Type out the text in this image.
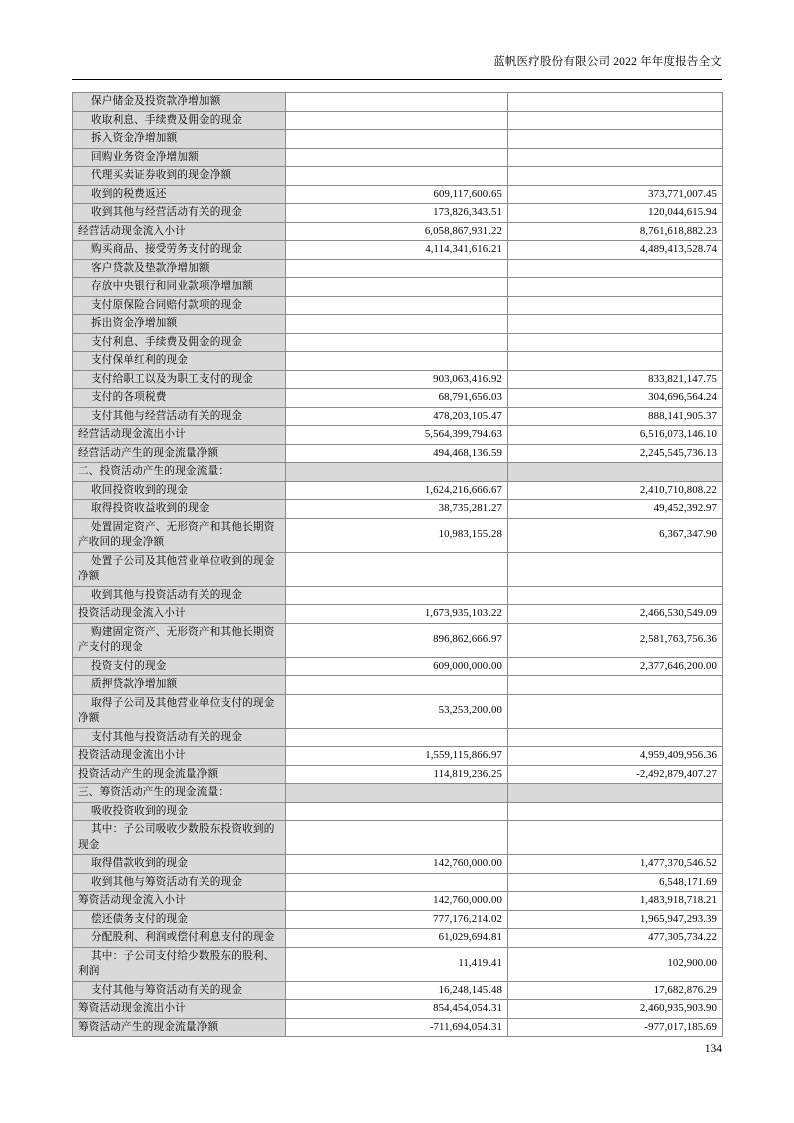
蓝帆医疗股份有限公司 2022 年年度报告全文
保户储金及投资款净增加额		
收取利息、手续费及佣金的现金		
拆入资金净增加额		
回购业务资金净增加额		
代理买卖证券收到的现金净额		
收到的税费返还	609,117,600.65	373,771,007.45
收到其他与经营活动有关的现金	173,826,343.51	120,044,615.94
经营活动现金流入小计	6,058,867,931.22	8,761,618,882.23
购买商品、接受劳务支付的现金	4,114,341,616.21	4,489,413,528.74
客户贷款及垫款净增加额		
存放中央银行和同业款项净增加额		
支付原保险合同赔付款项的现金		
拆出资金净增加额		
支付利息、手续费及佣金的现金		
支付保单红利的现金		
支付给职工以及为职工支付的现金	903,063,416.92	833,821,147.75
支付的各项税费	68,791,656.03	304,696,564.24
支付其他与经营活动有关的现金	478,203,105.47	888,141,905.37
经营活动现金流出小计	5,564,399,794.63	6,516,073,146.10
经营活动产生的现金流量净额	494,468,136.59	2,245,545,736.13
二、投资活动产生的现金流量：		
收回投资收到的现金	1,624,216,666.67	2,410,710,808.22
取得投资收益收到的现金	38,735,281.27	49,452,392.97
处置固定资产、无形资产和其他长期资产收回的现金净额	10,983,155.28	6,367,347.90
处置子公司及其他营业单位收到的现金净额		
收到其他与投资活动有关的现金		
投资活动现金流入小计	1,673,935,103.22	2,466,530,549.09
购建固定资产、无形资产和其他长期资产支付的现金	896,862,666.97	2,581,763,756.36
投资支付的现金	609,000,000.00	2,377,646,200.00
质押贷款净增加额		
取得子公司及其他营业单位支付的现金净额	53,253,200.00	
支付其他与投资活动有关的现金		
投资活动现金流出小计	1,559,115,866.97	4,959,409,956.36
投资活动产生的现金流量净额	114,819,236.25	-2,492,879,407.27
三、筹资活动产生的现金流量：		
吸收投资收到的现金		
其中：子公司吸收少数股东投资收到的现金		
取得借款收到的现金	142,760,000.00	1,477,370,546.52
收到其他与筹资活动有关的现金		6,548,171.69
筹资活动现金流入小计	142,760,000.00	1,483,918,718.21
偿还债务支付的现金	777,176,214.02	1,965,947,293.39
分配股利、利润或偿付利息支付的现金	61,029,694.81	477,305,734.22
其中：子公司支付给少数股东的股利、利润	11,419.41	102,900.00
支付其他与筹资活动有关的现金	16,248,145.48	17,682,876.29
筹资活动现金流出小计	854,454,054.31	2,460,935,903.90
筹资活动产生的现金流量净额	-711,694,054.31	-977,017,185.69
134
